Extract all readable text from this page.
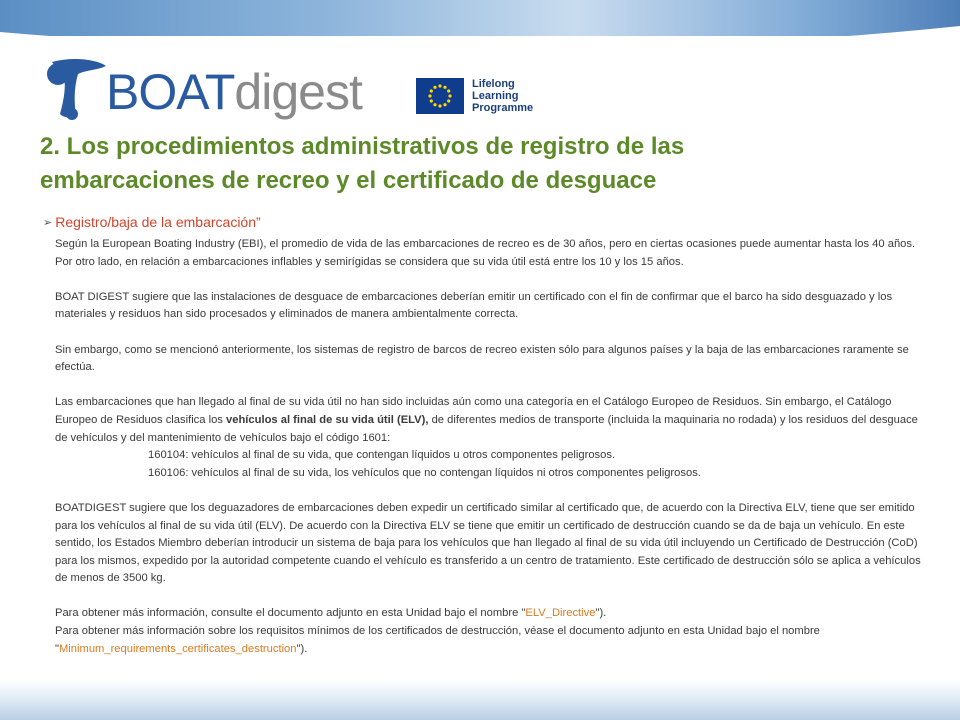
BOATdigest	Lifelong
Learning
Programme
2. Los procedimientos administrativos de registro de las
embarcaciones de recreo y el certificado de desguace
➢ Registro/baja de la embarcación”

Según la European Boating Industry (EBI), el promedio de vida de las embarcaciones de recreo es de 30 años, pero en ciertas ocasiones puede aumentar hasta los 40 años. Por otro lado, en relación a embarcaciones inflables y semirígidas se considera que su vida útil está entre los 10 y los 15 años.

BOAT DIGEST sugiere que las instalaciones de desguace de embarcaciones deberían emitir un certificado con el fin de confirmar que el barco ha sido desguazado y los materiales y residuos han sido procesados y eliminados de manera ambientalmente correcta.

Sin embargo, como se mencionó anteriormente, los sistemas de registro de barcos de recreo existen sólo para algunos países y la baja de las embarcaciones raramente se efectúa.

Las embarcaciones que han llegado al final de su vida útil no han sido incluidas aún como una categoría en el Catálogo Europeo de Residuos. Sin embargo, el Catálogo Europeo de Residuos clasifica los vehículos al final de su vida útil (ELV), de diferentes medios de transporte (incluida la maquinaria no rodada) y los residuos del desguace de vehículos y del mantenimiento de vehículos bajo el código 1601:

160104: vehículos al final de su vida, que contengan líquidos u otros componentes peligrosos.

160106: vehículos al final de su vida, los vehículos que no contengan líquidos ni otros componentes peligrosos.

BOATDIGEST sugiere que los deguazadores de embarcaciones deben expedir un certificado similar al certificado que, de acuerdo con la Directiva ELV, tiene que ser emitido para los vehículos al final de su vida útil (ELV). De acuerdo con la Directiva ELV se tiene que emitir un certificado de destrucción cuando se da de baja un vehículo. En este sentido, los Estados Miembro deberían introducir un sistema de baja para los vehículos que han llegado al final de su vida útil incluyendo un Certificado de Destrucción (CoD) para los mismos, expedido por la autoridad competente cuando el vehículo es transferido a un centro de tratamiento. Este certificado de destrucción sólo se aplica a vehículos de menos de 3500 kg.

Para obtener más información, consulte el documento adjunto en esta Unidad bajo el nombre "ELV_Directive").

Para obtener más información sobre los requisitos mínimos de los certificados de destrucción, véase el documento adjunto en esta Unidad bajo el nombre "Minimum_requirements_certificates_destruction").
